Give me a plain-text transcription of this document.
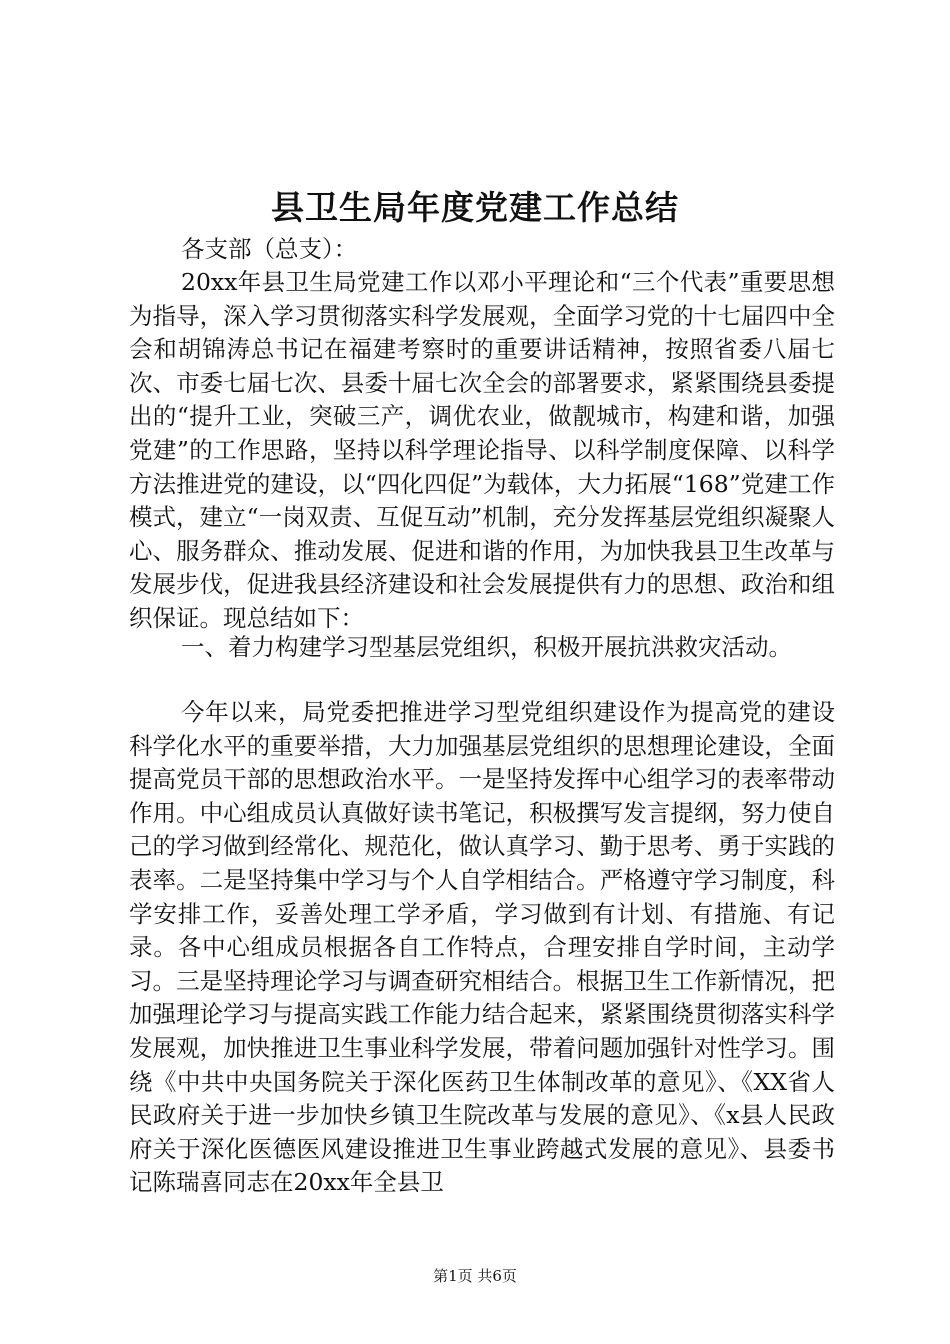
县卫生局年度党建工作总结
各支部（总支）：

20xx年县卫生局党建工作以邓小平理论和“三个代表”重要思想为指导，深入学习贯彻落实科学发展观，全面学习党的十七届四中全会和胡锦涛总书记在福建考察时的重要讲话精神，按照省委八届七次、市委七届七次、县委十届七次全会的部署要求，紧紧围绕县委提出的“提升工业，突破三产，调优农业，做靓城市，构建和谐，加强党建”的工作思路，坚持以科学理论指导、以科学制度保障、以科学方法推进党的建设，以“四化四促”为载体，大力拓展“168”党建工作模式，建立“一岗双责、互促互动”机制，充分发挥基层党组织凝聚人心、服务群众、推动发展、促进和谐的作用，为加快我县卫生改革与发展步伐，促进我县经济建设和社会发展提供有力的思想、政治和组织保证。现总结如下：

一、着力构建学习型基层党组织，积极开展抗洪救灾活动。

今年以来，局党委把推进学习型党组织建设作为提高党的建设科学化水平的重要举措，大力加强基层党组织的思想理论建设，全面提高党员干部的思想政治水平。一是坚持发挥中心组学习的表率带动作用。中心组成员认真做好读书笔记，积极撰写发言提纲，努力使自己的学习做到经常化、规范化，做认真学习、勤于思考、勇于实践的表率。二是坚持集中学习与个人自学相结合。严格遵守学习制度，科学安排工作，妥善处理工学矛盾，学习做到有计划、有措施、有记录。各中心组成员根据各自工作特点，合理安排自学时间，主动学习。三是坚持理论学习与调查研究相结合。根据卫生工作新情况，把加强理论学习与提高实践工作能力结合起来，紧紧围绕贯彻落实科学发展观，加快推进卫生事业科学发展，带着问题加强针对性学习。围绕《中共中央国务院关于深化医药卫生体制改革的意见》、《XX省人民政府关于进一步加快乡镇卫生院改革与发展的意见》、《x县人民政府关于深化医德医风建设推进卫生事业跨越式发展的意见》、县委书记陈瑞喜同志在20xx年全县卫

第1页 共6页
